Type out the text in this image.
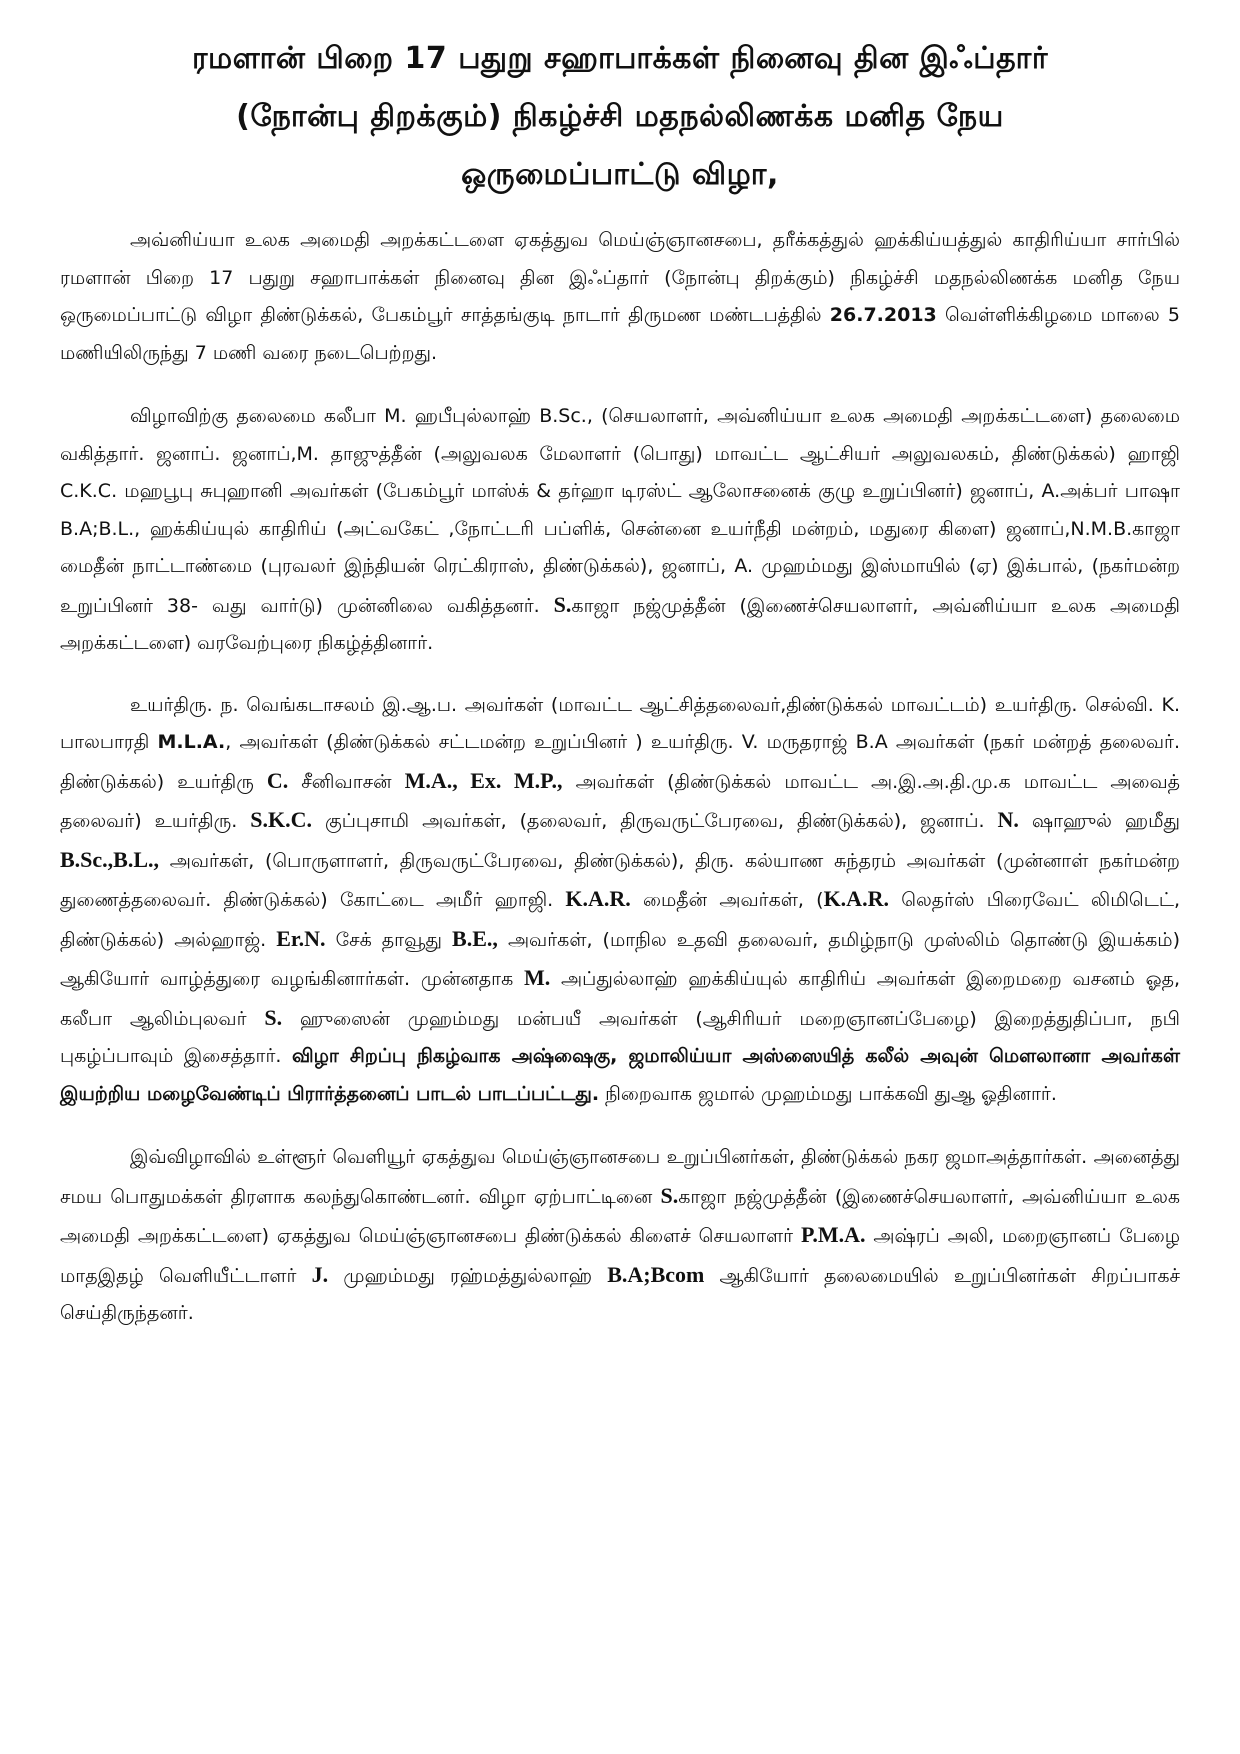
ரமளான் பிறை 17 பதுறு சஹாபாக்கள் நினைவு தின இஃப்தார்
(நோன்பு திறக்கும்) நிகழ்ச்சி மதநல்லிணக்க மனித நேய
ஒருமைப்பாட்டு விழா,

அவ்னிய்யா உலக அமைதி அறக்கட்டளை ஏகத்துவ மெய்ஞ்ஞானசபை, தரீக்கத்துல் ஹக்கிய்யத்துல் காதிரிய்யா சார்பில் ரமளான் பிறை 17 பதுறு சஹாபாக்கள் நினைவு தின இஃப்தார் (நோன்பு திறக்கும்) நிகழ்ச்சி மதநல்லிணக்க மனித நேய ஒருமைப்பாட்டு விழா திண்டுக்கல், பேகம்பூர் சாத்தங்குடி நாடார் திருமண மண்டபத்தில் 26.7.2013 வெள்ளிக்கிழமை மாலை 5 மணியிலிருந்து 7 மணி வரை நடைபெற்றது.

விழாவிற்கு தலைமை கலீபா M. ஹபீபுல்லாஹ் B.Sc., (செயலாளர், அவ்னிய்யா உலக அமைதி அறக்கட்டளை) தலைமை வகித்தார். ஜனாப். ஜனாப்,M. தாஜுத்தீன் (அலுவலக மேலாளர் (பொது) மாவட்ட ஆட்சியர் அலுவலகம், திண்டுக்கல்) ஹாஜி C.K.C. மஹபூபு சுபுஹானி அவர்கள் (பேகம்பூர் மாஸ்க் & தர்ஹா டிரஸ்ட் ஆலோசனைக் குழு உறுப்பினர்) ஜனாப், A.அக்பர் பாஷா B.A;B.L., ஹக்கிய்யுல் காதிரிய் (அட்வகேட் ,நோட்டரி பப்ளிக், சென்னை உயர்நீதி மன்றம், மதுரை கிளை) ஜனாப்,N.M.B.காஜா மைதீன் நாட்டாண்மை (புரவலர் இந்தியன் ரெட்கிராஸ், திண்டுக்கல்), ஜனாப், A. முஹம்மது இஸ்மாயில் (ஏ) இக்பால், (நகர்மன்ற உறுப்பினர் 38- வது வார்டு) முன்னிலை வகித்தனர். S.காஜா நஜ்முத்தீன் (இணைச்செயலாளர், அவ்னிய்யா உலக அமைதி அறக்கட்டளை) வரவேற்புரை நிகழ்த்தினார்.

உயர்திரு. ந. வெங்கடாசலம் இ.ஆ.ப. அவர்கள் (மாவட்ட ஆட்சித்தலைவர்,திண்டுக்கல் மாவட்டம்) உயர்திரு. செல்வி. K. பாலபாரதி M.L.A., அவர்கள் (திண்டுக்கல் சட்டமன்ற உறுப்பினர் ) உயர்திரு. V. மருதராஜ் B.A அவர்கள் (நகர் மன்றத் தலைவர். திண்டுக்கல்) உயர்திரு C. சீனிவாசன் M.A., Ex. M.P., அவர்கள் (திண்டுக்கல் மாவட்ட அ.இ.அ.தி.மு.க மாவட்ட அவைத் தலைவர்) உயர்திரு. S.K.C. குப்புசாமி அவர்கள், (தலைவர், திருவருட்பேரவை, திண்டுக்கல்), ஜனாப். N. ஷாஹுல் ஹமீது B.Sc.,B.L., அவர்கள், (பொருளாளர், திருவருட்பேரவை, திண்டுக்கல்), திரு. கல்யாண சுந்தரம் அவர்கள் (முன்னாள் நகர்மன்ற துணைத்தலைவர். திண்டுக்கல்) கோட்டை அமீர் ஹாஜி. K.A.R. மைதீன் அவர்கள், (K.A.R. லெதர்ஸ் பிரைவேட் லிமிடெட், திண்டுக்கல்) அல்ஹாஜ். Er.N. சேக் தாவூது B.E., அவர்கள், (மாநில உதவி தலைவர், தமிழ்நாடு முஸ்லிம் தொண்டு இயக்கம்) ஆகியோர் வாழ்த்துரை வழங்கினார்கள். முன்னதாக M. அப்துல்லாஹ் ஹக்கிய்யுல் காதிரிய் அவர்கள் இறைமறை வசனம் ஓத, கலீபா ஆலிம்புலவர் S. ஹுஸைன் முஹம்மது மன்பயீ அவர்கள் (ஆசிரியர் மறைஞானப்பேழை) இறைத்துதிப்பா, நபி புகழ்ப்பாவும் இசைத்தார். விழா சிறப்பு நிகழ்வாக அஷ்ஷைகு, ஜமாலிய்யா அஸ்ஸையித் கலீல் அவுன் மௌலானா அவர்கள் இயற்றிய மழைவேண்டிப் பிரார்த்தனைப் பாடல் பாடப்பட்டது. நிறைவாக ஜமால் முஹம்மது பாக்கவி துஆ ஓதினார்.

இவ்விழாவில் உள்ளூர் வெளியூர் ஏகத்துவ மெய்ஞ்ஞானசபை உறுப்பினர்கள், திண்டுக்கல் நகர ஜமாஅத்தார்கள். அனைத்து சமய பொதுமக்கள் திரளாக கலந்துகொண்டனர். விழா ஏற்பாட்டினை S.காஜா நஜ்முத்தீன் (இணைச்செயலாளர், அவ்னிய்யா உலக அமைதி அறக்கட்டளை) ஏகத்துவ மெய்ஞ்ஞானசபை திண்டுக்கல் கிளைச் செயலாளர் P.M.A. அஷ்ரப் அலி, மறைஞானப் பேழை மாதஇதழ் வெளியீட்டாளர் J. முஹம்மது ரஹ்மத்துல்லாஹ் B.A;Bcom ஆகியோர் தலைமையில் உறுப்பினர்கள் சிறப்பாகச் செய்திருந்தனர்.
